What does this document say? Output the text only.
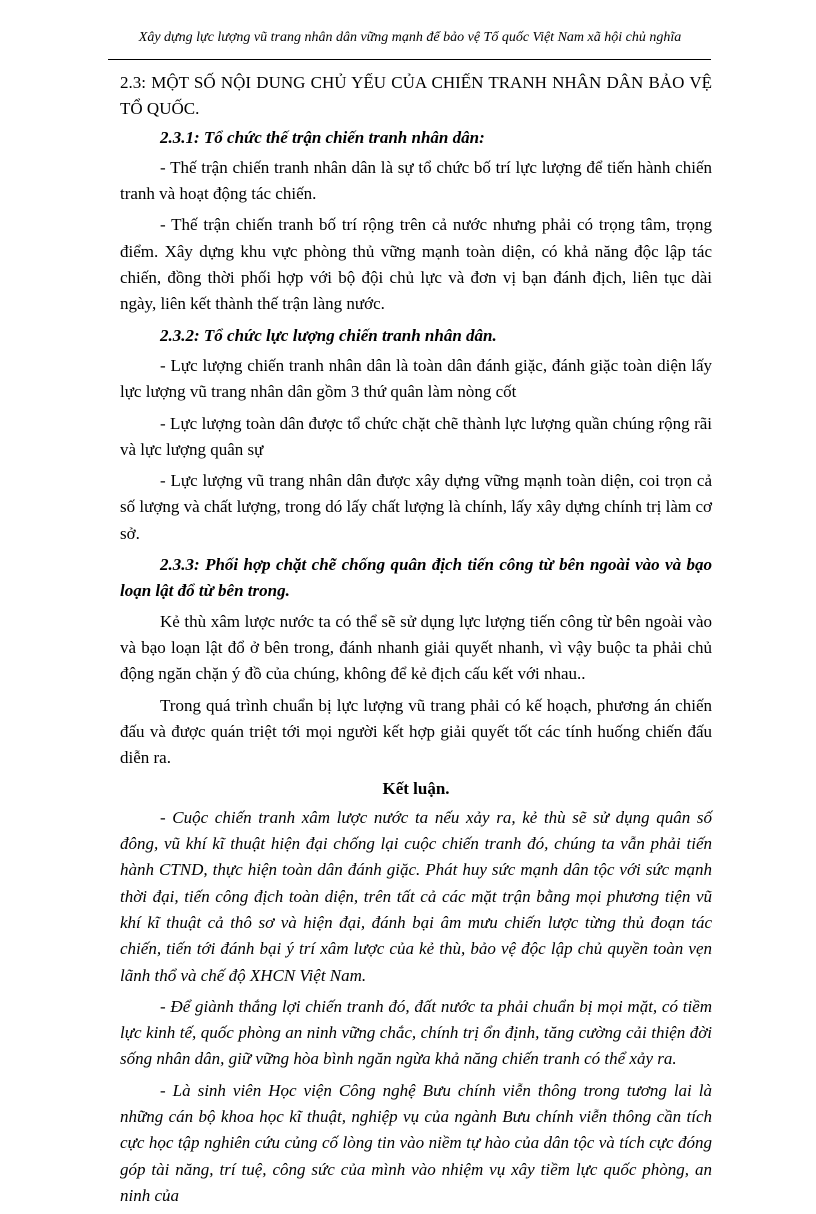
Xây dựng lực lượng vũ trang nhân dân vững mạnh để bảo vệ Tổ quốc Việt Nam xã hội chủ nghĩa

2.3: MỘT SỐ NỘI DUNG CHỦ YẾU CỦA CHIẾN TRANH NHÂN DÂN BẢO VỆ TỔ QUỐC.

2.3.1: Tổ chức thế trận chiến tranh nhân dân:

- Thế trận chiến tranh nhân dân là sự tổ chức bố trí lực lượng để tiến hành chiến tranh và hoạt động tác chiến.

- Thế trận chiến tranh bố trí rộng trên cả nước nhưng phải có trọng tâm, trọng điểm. Xây dựng khu vực phòng thủ vững mạnh toàn diện, có khả năng độc lập tác chiến, đồng thời phối hợp với bộ đội chủ lực và đơn vị bạn đánh địch, liên tục dài ngày, liên kết thành thế trận làng nước.

2.3.2: Tổ chức lực lượng chiến tranh nhân dân.

- Lực lượng chiến tranh nhân dân là toàn dân đánh giặc, đánh giặc toàn diện lấy lực lượng vũ trang nhân dân gồm 3 thứ quân làm nòng cốt

- Lực lượng toàn dân được tổ chức chặt chẽ thành lực lượng quần chúng rộng rãi và lực lượng quân sự

- Lực lượng vũ trang nhân dân được xây dựng vững mạnh toàn diện, coi trọn cả số lượng và chất lượng, trong dó lấy chất lượng là chính, lấy xây dựng chính trị làm cơ sở.

2.3.3: Phối hợp chặt chẽ chống quân địch tiến công từ bên ngoài vào và bạo loạn lật đổ từ bên trong.

Kẻ thù xâm lược nước ta có thể sẽ sử dụng lực lượng tiến công từ bên ngoài vào và bạo loạn lật đổ ở bên trong, đánh nhanh giải quyết nhanh, vì vậy buộc ta phải chủ động ngăn chặn ý đồ của chúng, không để kẻ địch cấu kết với nhau..

Trong quá trình chuẩn bị lực lượng vũ trang phải có kế hoạch, phương án chiến đấu và được quán triệt tới mọi người kết hợp giải quyết tốt các tính huống chiến đấu diễn ra.

Kết luận.

- Cuộc chiến tranh xâm lược nước ta nếu xảy ra, kẻ thù sẽ sử dụng quân số đông, vũ khí kĩ thuật hiện đại chống lại cuộc chiến tranh đó, chúng ta vẫn phải tiến hành CTND, thực hiện toàn dân đánh giặc. Phát huy sức mạnh dân tộc với sức mạnh thời đại, tiến công địch toàn diện, trên tất cả các mặt trận bằng mọi phương tiện vũ khí kĩ thuật cả thô sơ và hiện đại, đánh bại âm mưu chiến lược từng thủ đoạn tác chiến, tiến tới đánh bại ý trí xâm lược của kẻ thù, bảo vệ độc lập chủ quyền toàn vẹn lãnh thổ và chế độ XHCN Việt Nam.

- Để giành thắng lợi chiến tranh đó, đất nước ta phải chuẩn bị mọi mặt, có tiềm lực kinh tế, quốc phòng an ninh vững chắc, chính trị ổn định, tăng cường cải thiện đời sống nhân dân, giữ vững hòa bình ngăn ngừa khả năng chiến tranh có thể xảy ra.

- Là sinh viên Học viện Công nghệ Bưu chính viễn thông trong tương lai là những cán bộ khoa học kĩ thuật, nghiệp vụ của ngành Bưu chính viễn thông cần tích cực học tập nghiên cứu củng cố lòng tin vào niềm tự hào của dân tộc và tích cực đóng góp tài năng, trí tuệ, công sức của mình vào nhiệm vụ xây tiềm lực quốc phòng, an ninh của
